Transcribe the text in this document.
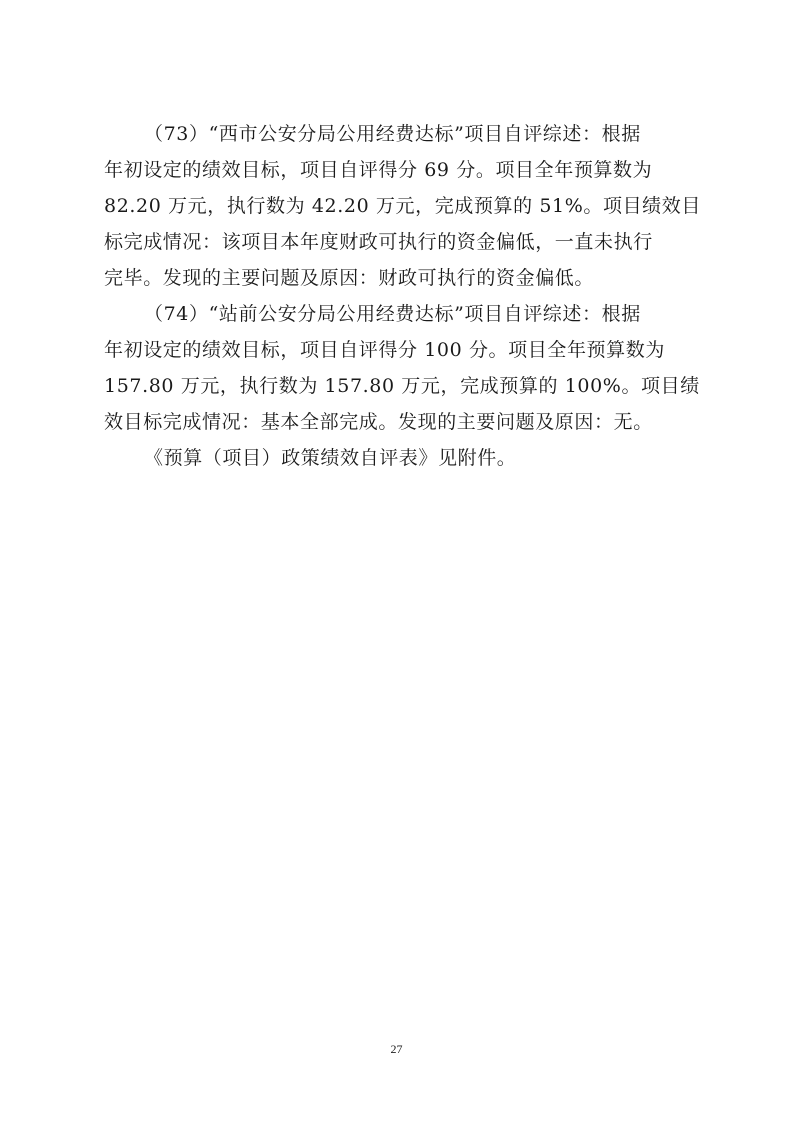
（73）“西市公安分局公用经费达标”项目自评综述：根据
年初设定的绩效目标，项目自评得分 69 分。项目全年预算数为
82.20 万元，执行数为 42.20 万元，完成预算的 51%。项目绩效目
标完成情况：该项目本年度财政可执行的资金偏低，一直未执行
完毕。发现的主要问题及原因：财政可执行的资金偏低。
（74）“站前公安分局公用经费达标”项目自评综述：根据
年初设定的绩效目标，项目自评得分 100 分。项目全年预算数为
157.80 万元，执行数为 157.80 万元，完成预算的 100%。项目绩
效目标完成情况：基本全部完成。发现的主要问题及原因：无。
《预算（项目）政策绩效自评表》见附件。
27
